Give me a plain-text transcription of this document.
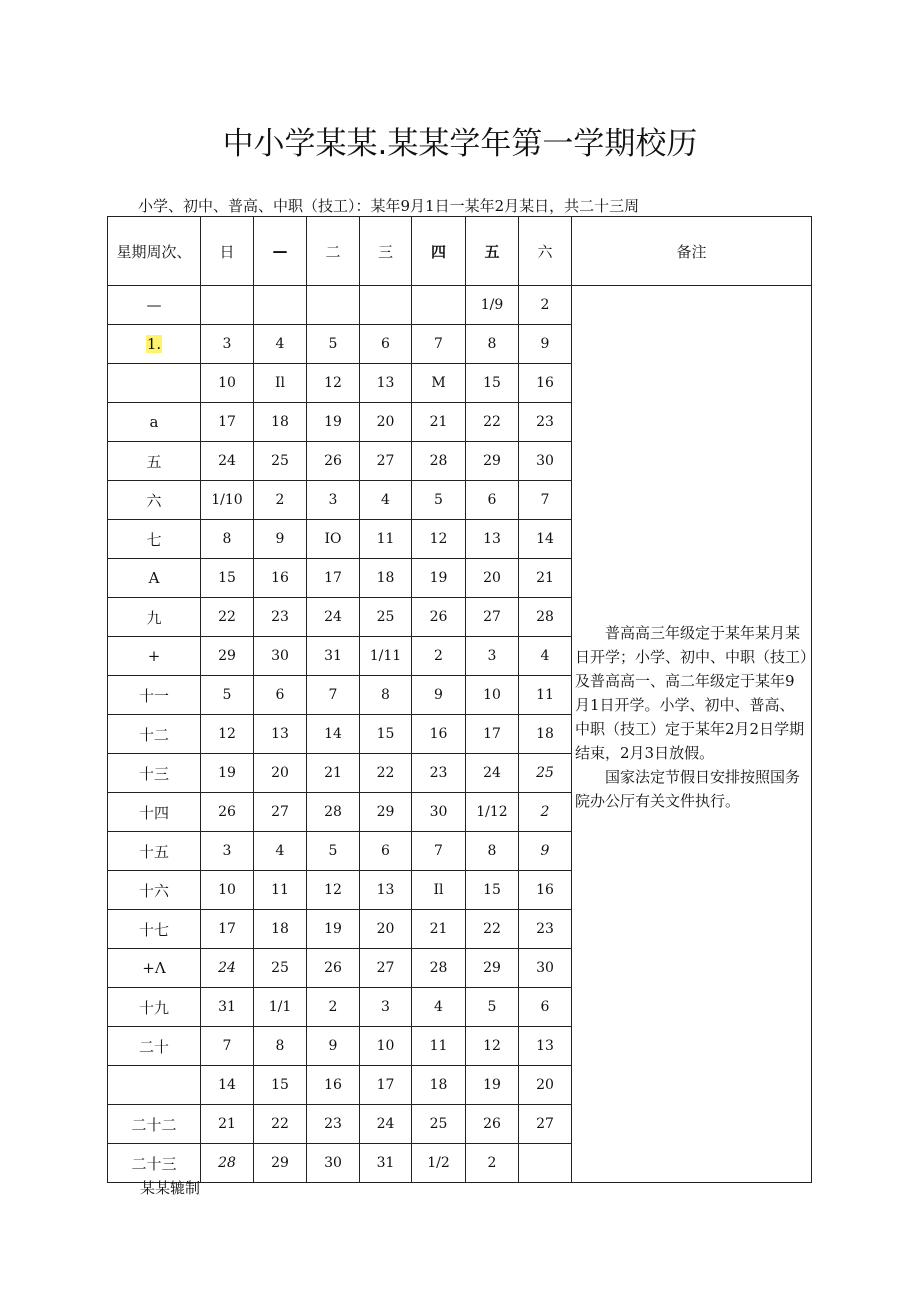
中小学某某.某某学年第一学期校历
小学、初中、普高、中职（技工）：某年9月1日一某年2月某日，共二十三周
星期周次、	日	—	二	三	四	五	六	备注
—						1/9	2	普高高三年级定于某年某月某日开学；小学、初中、中职（技工）及普高高一、高二年级定于某年9月1日开学。小学、初中、普高、中职（技工）定于某年2月2日学期结束，2月3日放假。

国家法定节假日安排按照国务院办公厅有关文件执行。

1.	3	4	5	6	7	8	9	
	10	Il	12	13	M	15	16	
a	17	18	19	20	21	22	23	
五	24	25	26	27	28	29	30	
六	1/10	2	3	4	5	6	7	
七	8	9	IO	11	12	13	14	
A	15	16	17	18	19	20	21	
九	22	23	24	25	26	27	28	
+	29	30	31	1/11	2	3	4	
十一	5	6	7	8	9	10	11	
十二	12	13	14	15	16	17	18	
十三	19	20	21	22	23	24	25	
十四	26	27	28	29	30	1/12	2	
十五	3	4	5	6	7	8	9	
十六	10	11	12	13	Il	15	16	
十七	17	18	19	20	21	22	23	
+Λ	24	25	26	27	28	29	30	
十九	31	1/1	2	3	4	5	6	
二十	7	8	9	10	11	12	13	
	14	15	16	17	18	19	20	
二十二	21	22	23	24	25	26	27	
二十三	28	29	30	31	1/2	2		
某某辘制
